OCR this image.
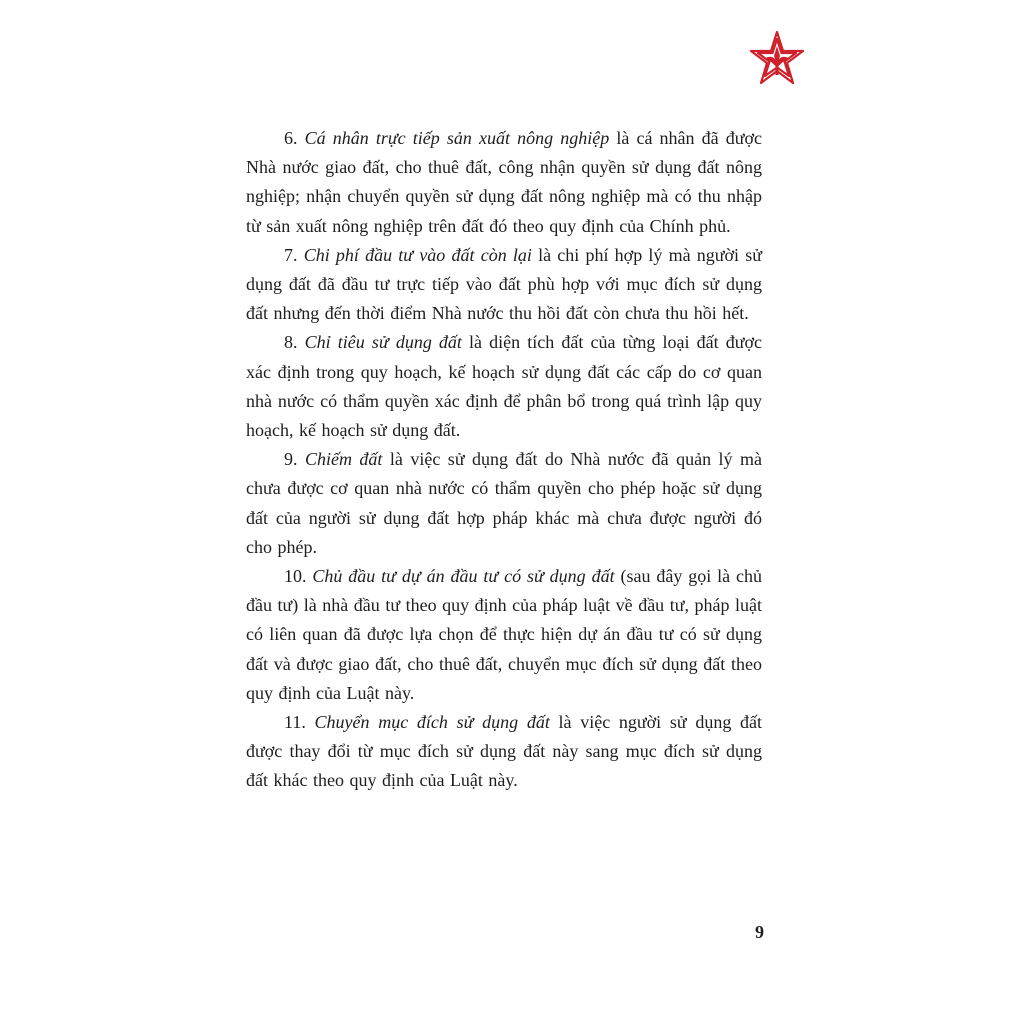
6. Cá nhân trực tiếp sản xuất nông nghiệp là cá nhân đã được Nhà nước giao đất, cho thuê đất, công nhận quyền sử dụng đất nông nghiệp; nhận chuyển quyền sử dụng đất nông nghiệp mà có thu nhập từ sản xuất nông nghiệp trên đất đó theo quy định của Chính phủ.

7. Chi phí đầu tư vào đất còn lại là chi phí hợp lý mà người sử dụng đất đã đầu tư trực tiếp vào đất phù hợp với mục đích sử dụng đất nhưng đến thời điểm Nhà nước thu hồi đất còn chưa thu hồi hết.

8. Chỉ tiêu sử dụng đất là diện tích đất của từng loại đất được xác định trong quy hoạch, kế hoạch sử dụng đất các cấp do cơ quan nhà nước có thẩm quyền xác định để phân bổ trong quá trình lập quy hoạch, kế hoạch sử dụng đất.

9. Chiếm đất là việc sử dụng đất do Nhà nước đã quản lý mà chưa được cơ quan nhà nước có thẩm quyền cho phép hoặc sử dụng đất của người sử dụng đất hợp pháp khác mà chưa được người đó cho phép.

10. Chủ đầu tư dự án đầu tư có sử dụng đất (sau đây gọi là chủ đầu tư) là nhà đầu tư theo quy định của pháp luật về đầu tư, pháp luật có liên quan đã được lựa chọn để thực hiện dự án đầu tư có sử dụng đất và được giao đất, cho thuê đất, chuyển mục đích sử dụng đất theo quy định của Luật này.

11. Chuyển mục đích sử dụng đất là việc người sử dụng đất được thay đổi từ mục đích sử dụng đất này sang mục đích sử dụng đất khác theo quy định của Luật này.

9
